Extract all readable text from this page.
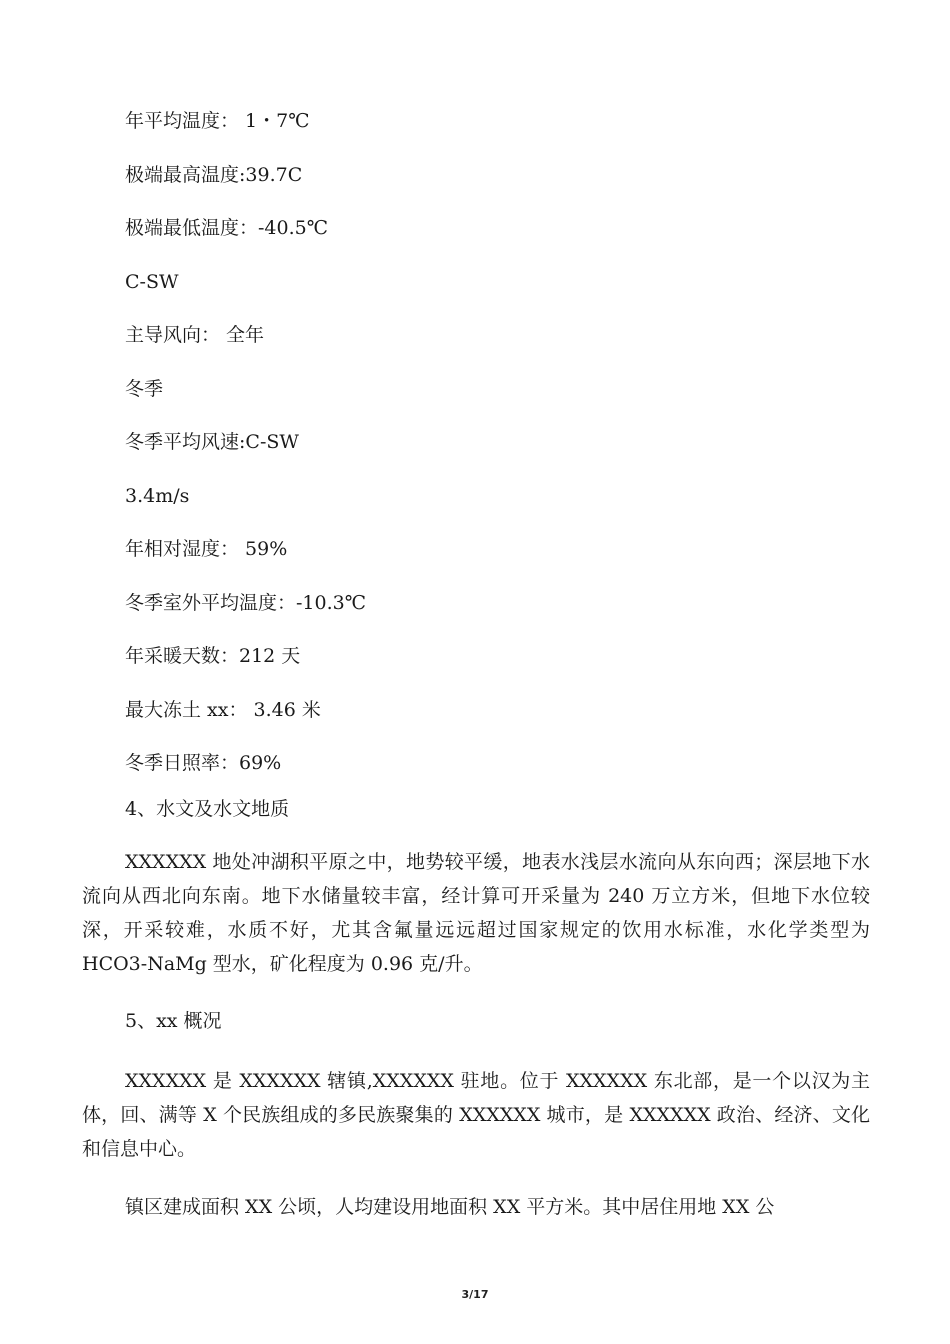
年平均温度： 1・7℃

极端最高温度:39.7C

极端最低温度：-40.5℃

C-SW

主导风向： 全年

冬季

冬季平均风速:C-SW

3.4m/s

年相对湿度： 59%

冬季室外平均温度：-10.3℃

年采暖天数：212 天

最大冻土 xx： 3.46 米

冬季日照率：69%

4、水文及水文地质

XXXXXX 地处冲湖积平原之中，地势较平缓，地表水浅层水流向从东向西；深层地下水流向从西北向东南。地下水储量较丰富，经计算可开采量为 240 万立方米，但地下水位较深，开采较难，水质不好，尤其含氟量远远超过国家规定的饮用水标准，水化学类型为 HCO3-NaMg 型水，矿化程度为 0.96 克/升。

5、xx 概况

XXXXXX 是 XXXXXX 辖镇,XXXXXX 驻地。位于 XXXXXX 东北部，是一个以汉为主体，回、满等 X 个民族组成的多民族聚集的 XXXXXX 城市，是 XXXXXX 政治、经济、文化和信息中心。

镇区建成面积 XX 公顷，人均建设用地面积 XX 平方米。其中居住用地 XX 公

3/17
